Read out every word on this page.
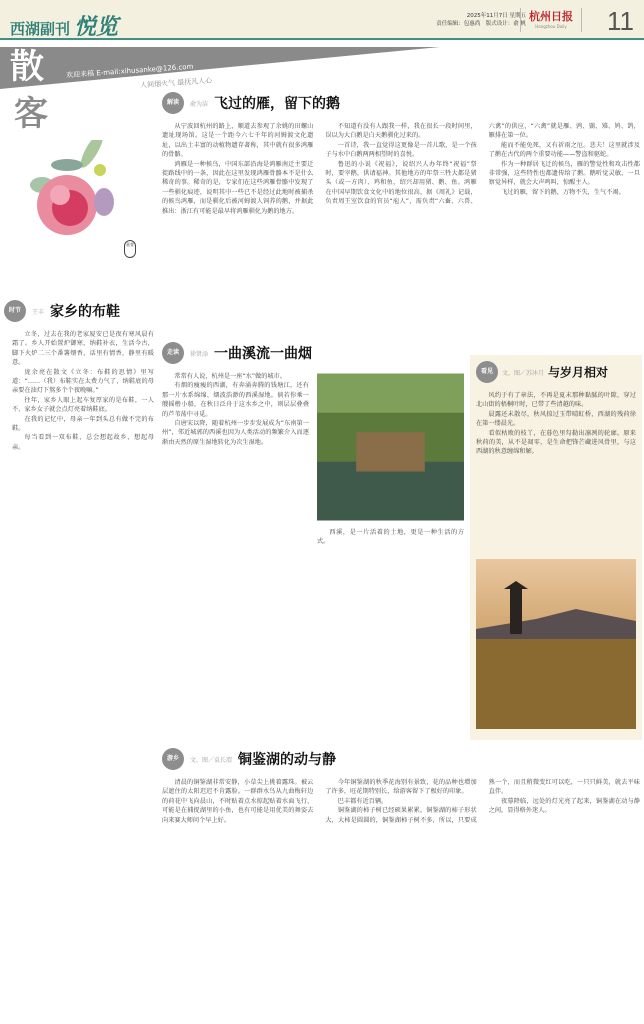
西湖副刊 悦览	2025年11月7日 星期五
责任编辑：包惠尚　版式设计：俞 帆
杭州日报
Hangzhou Daily 11
散
客
欢迎来稿 E-mail:xihusanke@126.com
人间烟火气 最抚凡人心
嘉萱
解读 俞为洁 飞过的雁，留下的鹅

从宁波回杭州的路上，顺道去参观了余姚的田螺山遗址现场馆。这是一个距今六七千年的河姆渡文化遗址，以出土丰富的动植物遗存著称，其中就有很多鸿雁的骨骼。

鸿雁是一种候鸟，中国东部沿海是鸿雁南迁主要迁徙路线中的一条，因此在这里发现鸿雁骨骼本不是什么稀奇的事。稀奇的是，专家们在这些鸿雁骨骼中发现了一些驯化痕迹，说明其中一些已不是经过此地时被捕杀的候鸟鸿雁，而是驯化后被河姆渡人饲养的鹅，并据此推出：浙江有可能是最早将鸿雁驯化为鹅的地方。

不知道有没有人跟我一样，我在很长一段时间里，误以为大白鹅是白天鹅驯化过来的。

一首诗，我一直觉得这更像是一首儿歌，是一个孩子与水中白鹅两两相望时的喜悦。

鲁迅的小说《祝福》，说绍兴人办年终“祝福”祭时，要宰鹅，供请福神。其他地方的年祭三牲大都是猪头（或一方肉）、鸡和鱼，绍兴却用猪、鹅、鱼。鸿雁在中国早期饮食文化中的地位很高，据《周礼》记载，负责周王室饮食的官员“庖人”，需负责“六畜、六兽、六禽”的供应，“六禽”就是雁、鹑、鷃、雉、鸠、鸽，雁排在第一位。

能而不能免死，又有祈雨之厄。悲夫！这里就涉及了鹅在古代的两个重要功能——警盗和驱蛇。

作为一种群居飞迁的候鸟，雁的警觉性和攻击性都非常强，这些特性也都遗传给了鹅。鹅听觉灵敏，一旦察觉异样，就会大声鸣叫，惊醒主人。

飞过的雁，留下的鹅，万物不失，生气不竭。

时节 王丰 家乡的布鞋

立冬，过去在我的老家厦安已是夜有寒风晨有霜了。乡人开始置炉御寒，纳鞋补衣，生活今古，脚下火炉二三个番薯煨香，话里有情香，静里有暖意。

庞余亮在散文《立冬：布鞋的思情》里写道：“……（我）布鞋实在太费力气了，纳鞋底的母亲要在油灯下熬多个个夜晚嘛。”

往年，家乡人眼上起车复厚家的是布鞋，一人不、家乡女子就会点灯亮着纳鞋底。

在我的记忆中，母亲一年到头总有做不完的布鞋。

每当看到一双布鞋，总会想起故乡，想起母亲。

走读 徐贤添 一曲溪流一曲烟

常常有人说，杭州是一座“水”做的城市。

有烟的瘦瘦的西湖，有奔涌奔腾的钱塘江，还有那一片水系绵绵、烟波浩渺的西溪湿地。倘若你乘一艘摇橹小船，在秋日泛舟于这水乡之中，则层层叠叠的芦苇荡中寻觅。

自唐宋以降，随着杭州一步步发展成为“东南第一州”，邻近城郭的西溪也因为人类活动的频繁介入而逐渐由天然的原生湿地转化为次生湿地。

西溪，是一片活着的土地，更是一种生活的方式。

看见 文、图／苏沐月 与岁月相对

风约于有了章法，不再是夏末那种黏腻的叶隙，穿过北山街的梧桐叶时，已带了些清越的味。

晨露还未散尽，秋风掠过玉带晴虹桥，西湖的残荷徐在第一缕晨光。

看似枯败的枝丫，在暮色里勾勒出凛冽的轮廓。原来秋荷的美，从不是凋零，是生命把锋芒藏进风骨里，与这西湖的秋意缠绵和解。

游乡 文、图／袁长渭 铜鉴湖的动与静

清晨的铜鉴湖非常安静，小草尖上挑着露珠。被云层遮住的太阳迟迟不肯露脸。一群群水鸟从九曲梅轩边的荷花中飞向晨山，不时贴着点水掠起贴着水面飞行，可能是在捕捉湖里的小鱼，也有可能是用优美的舞姿去向来赛大师问个早上好。

今年铜鉴湖的秋季花海别有景致，花的品种也增加了许多，旺花期特别长，给游客留下了极好的印象。

巴丰都有近百辆。

铜鉴湖的柿子树已经硕果累累。铜鉴湖的柿子形状大，大柿是圆圆的，铜鉴湖柿子树不多，所以，只要成熟一个，而且稍微变红可以吃，一只只鲜美，就去平味直伴。

夜幕降临，远处的灯光亮了起来，铜鉴湖在动与静之间，显得格外迷人。
